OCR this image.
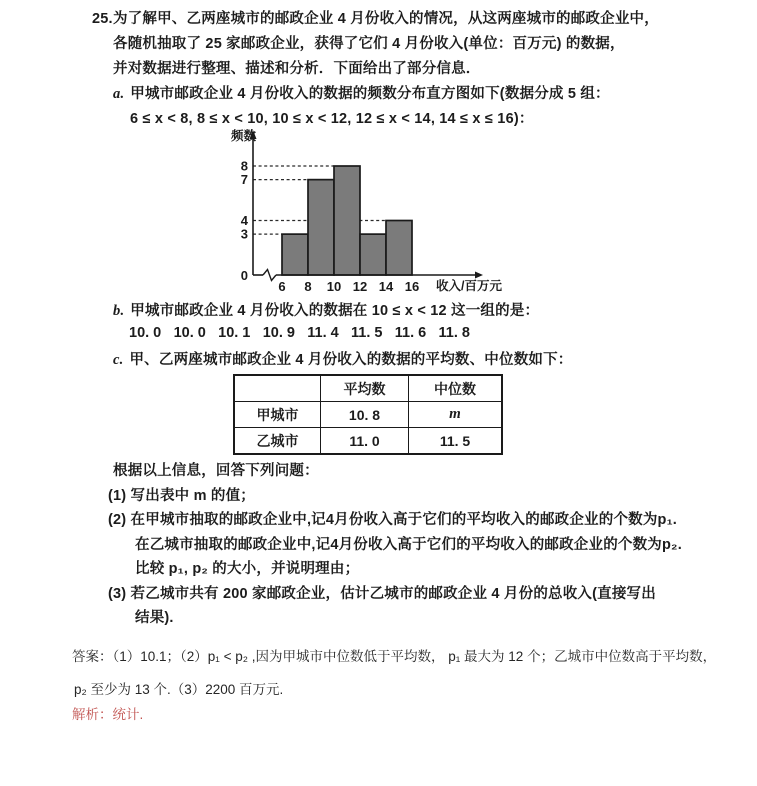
25.为了解甲、乙两座城市的邮政企业 4 月份收入的情况，从这两座城市的邮政企业中，
各随机抽取了 25 家邮政企业，获得了它们 4 月份收入(单位：百万元) 的数据，
并对数据进行整理、描述和分析．下面给出了部分信息．
a. 甲城市邮政企业 4 月份收入的数据的频数分布直方图如下(数据分成 5 组：
6 ≤ x < 8, 8 ≤ x < 10, 10 ≤ x < 12, 12 ≤ x < 14, 14 ≤ x ≤ 16)：
3
4
7
8
0
6 8 10 12 14 16
频数
收入/百万元
b. 甲城市邮政企业 4 月份收入的数据在 10 ≤ x < 12 这一组的是：
10. 0 10. 0 10. 1 10. 9 11. 4 11. 5 11. 6 11. 8
c. 甲、乙两座城市邮政企业 4 月份收入的数据的平均数、中位数如下：
	平均数	中位数
甲城市	10. 8	m
乙城市	11. 0	11. 5
根据以上信息，回答下列问题：
(1) 写出表中 m 的值；
(2) 在甲城市抽取的邮政企业中,记4月份收入高于它们的平均收入的邮政企业的个数为p₁.
在乙城市抽取的邮政企业中,记4月份收入高于它们的平均收入的邮政企业的个数为p₂.
比较 p₁, p₂ 的大小，并说明理由；
(3) 若乙城市共有 200 家邮政企业，估计乙城市的邮政企业 4 月份的总收入(直接写出
结果).
答案：（1）10.1；（2）p₁ < p₂ ,因为甲城市中位数低于平均数， p₁ 最大为 12 个；乙城市中位数高于平均数，
p₂ 至少为 13 个.（3）2200 百万元.
解析：统计.
